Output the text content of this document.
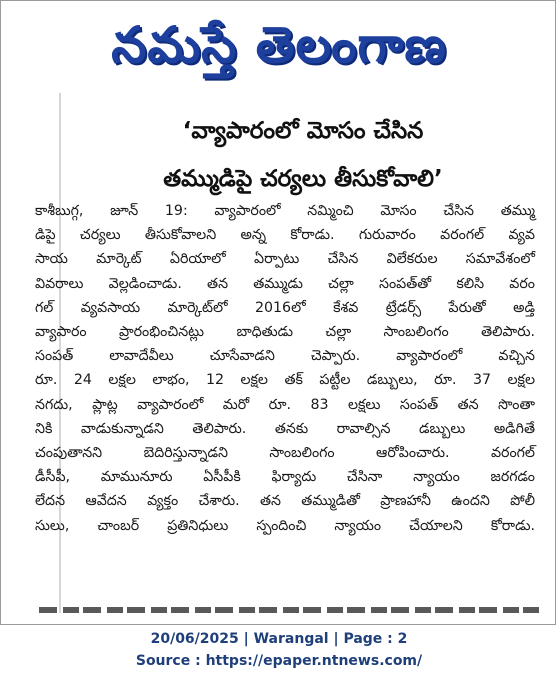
నమస్తే తెలంగాణ
‘వ్యాపారంలో మోసం చేసిన
తమ్ముడిపై చర్యలు తీసుకోవాలి’
కాశీబుగ్గ, జూన్ 19: వ్యాపారంలో నమ్మించి మోసం చేసిన తమ్ము
డిపై చర్యలు తీసుకోవాలని అన్న కోరాడు. గురువారం వరంగల్ వ్యవ
సాయ మార్కెట్ ఏరియాలో ఏర్పాటు చేసిన విలేకరుల సమావేశంలో
వివరాలు వెల్లడించాడు. తన తమ్ముడు చల్లా సంపత్‌తో కలిసి వరం
గల్ వ్యవసాయ మార్కెట్‌లో 2016లో కేశవ ట్రేడర్స్ పేరుతో అడ్తి
వ్యాపారం ప్రారంభించినట్లు బాధితుడు చల్లా సాంబలింగం తెలిపారు.
సంపత్ లావాదేవీలు చూసేవాడని చెప్పారు. వ్యాపారంలో వచ్చిన
రూ. 24 లక్షల లాభం, 12 లక్షల తక్ పట్టీల డబ్బులు, రూ. 37 లక్షల
నగదు, ప్లాట్ల వ్యాపారంలో మరో రూ. 83 లక్షలు సంపత్ తన సొంతా
నికి వాడుకున్నాడని తెలిపారు. తనకు రావాల్సిన డబ్బులు అడిగితే
చంపుతానని బెదిరిస్తున్నాడని సాంబలింగం ఆరోపించారు. వరంగల్
డీసీపీ, మామునూరు ఏసీపీకి ఫిర్యాదు చేసినా న్యాయం జరగడం
లేదన ఆవేదన వ్యక్తం చేశారు. తన తమ్ముడితో ప్రాణహానీ ఉందని పోలీ
సులు, చాంబర్ ప్రతినిధులు స్పందించి న్యాయం చేయాలని కోరాడు.
20/06/2025 | Warangal | Page : 2
Source : https://epaper.ntnews.com/
